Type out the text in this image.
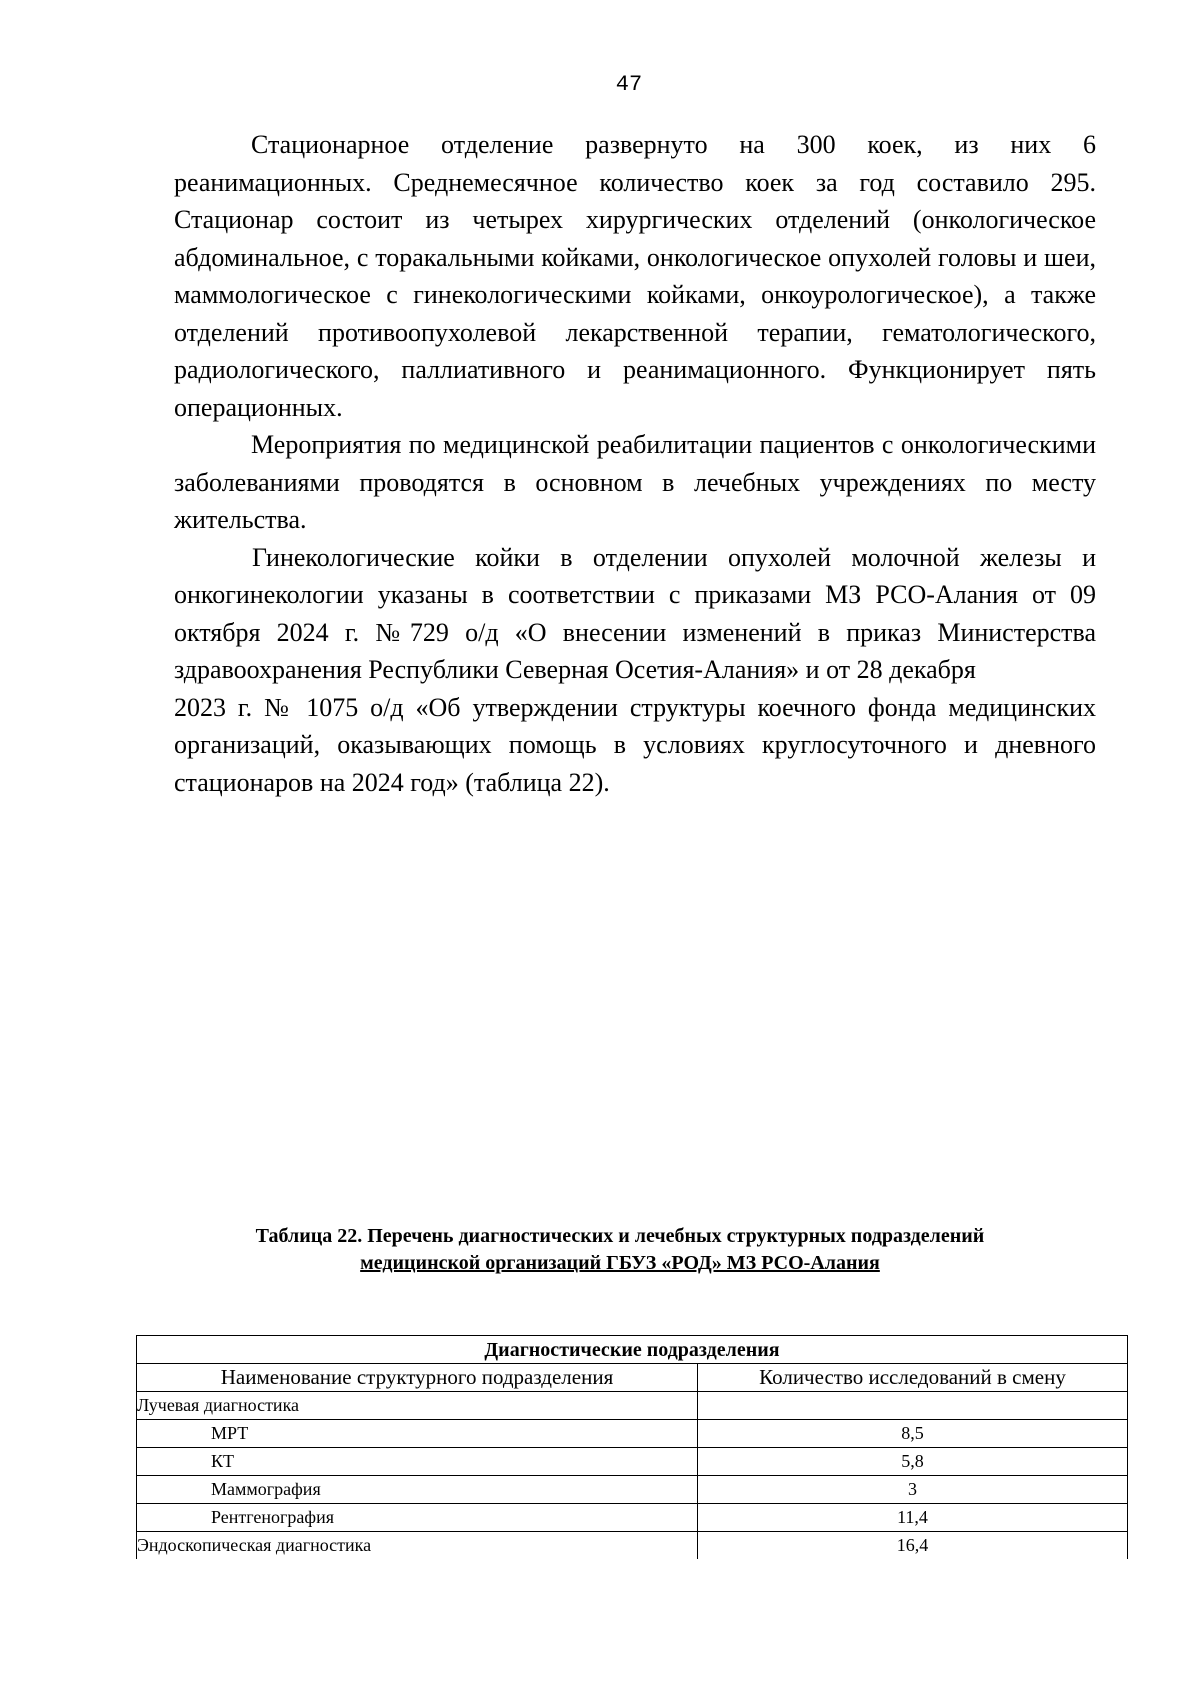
47

Стационарное отделение развернуто на 300 коек, из них 6 реанимационных. Среднемесячное количество коек за год составило 295. Стационар состоит из четырех хирургических отделений (онкологическое абдоминальное, с торакальными койками, онкологическое опухолей головы и шеи, маммологическое с гинекологическими койками, онкоурологическое), а также отделений противоопухолевой лекарственной терапии, гематологического, радиологического, паллиативного и реанимационного. Функционирует пять операционных.

Мероприятия по медицинской реабилитации пациентов с онкологическими заболеваниями проводятся в основном в лечебных учреждениях по месту жительства.

Гинекологические койки в отделении опухолей молочной железы и онкогинекологии указаны в соответствии с приказами МЗ РСО-Алания от 09 октября 2024 г. №729 о/д «О внесении изменений в приказ Министерства здравоохранения Республики Северная Осетия-Алания» и от 28 декабря

2023 г. № 1075 о/д «Об утверждении структуры коечного фонда медицинских организаций, оказывающих помощь в условиях круглосуточного и дневного стационаров на 2024 год» (таблица 22).

Таблица 22. Перечень диагностических и лечебных структурных подразделений
медицинской организаций ГБУЗ «РОД» МЗ РСО-Алания
Диагностические подразделения	
Наименование структурного подразделения	Количество исследований в смену
Лучевая диагностика	
МРТ	8,5
КТ	5,8
Маммография	3
Рентгенография	11,4
Эндоскопическая диагностика	16,4
